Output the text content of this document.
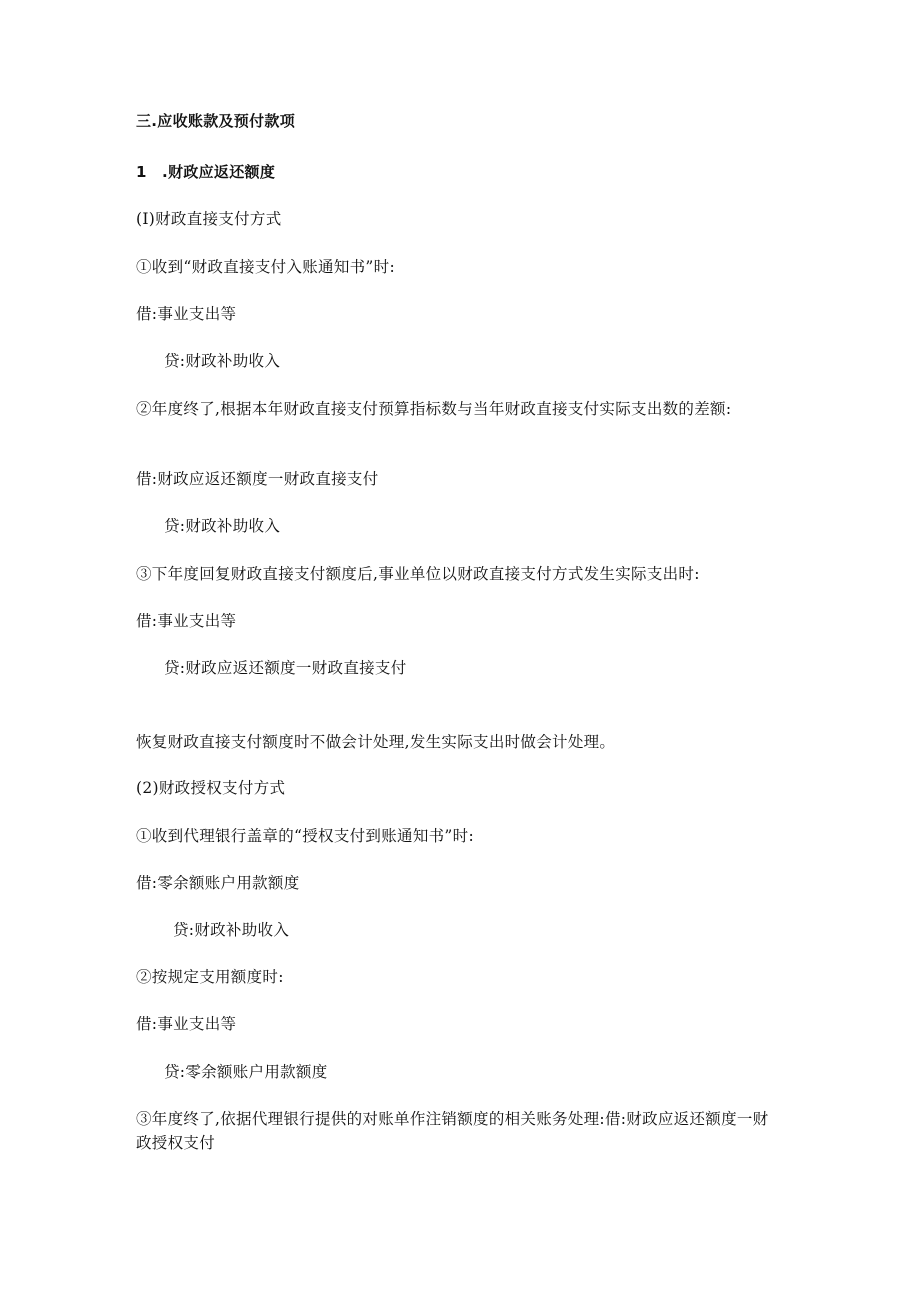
三.应收账款及预付款项
1　.财政应返还额度

(I)财政直接支付方式

①收到“财政直接支付入账通知书”时:

借:事业支出等

贷:财政补助收入

②年度终了,根据本年财政直接支付预算指标数与当年财政直接支付实际支出数的差额:

借:财政应返还额度一财政直接支付

贷:财政补助收入

③下年度回复财政直接支付额度后,事业单位以财政直接支付方式发生实际支出时:

借:事业支出等

贷:财政应返还额度一财政直接支付

恢复财政直接支付额度时不做会计处理,发生实际支出时做会计处理。

(2)财政授权支付方式

①收到代理银行盖章的“授权支付到账通知书”时:

借:零余额账户用款额度

贷:财政补助收入

②按规定支用额度时:

借:事业支出等

贷:零余额账户用款额度

③年度终了,依据代理银行提供的对账单作注销额度的相关账务处理:借:财政应返还额度一财政授权支付
